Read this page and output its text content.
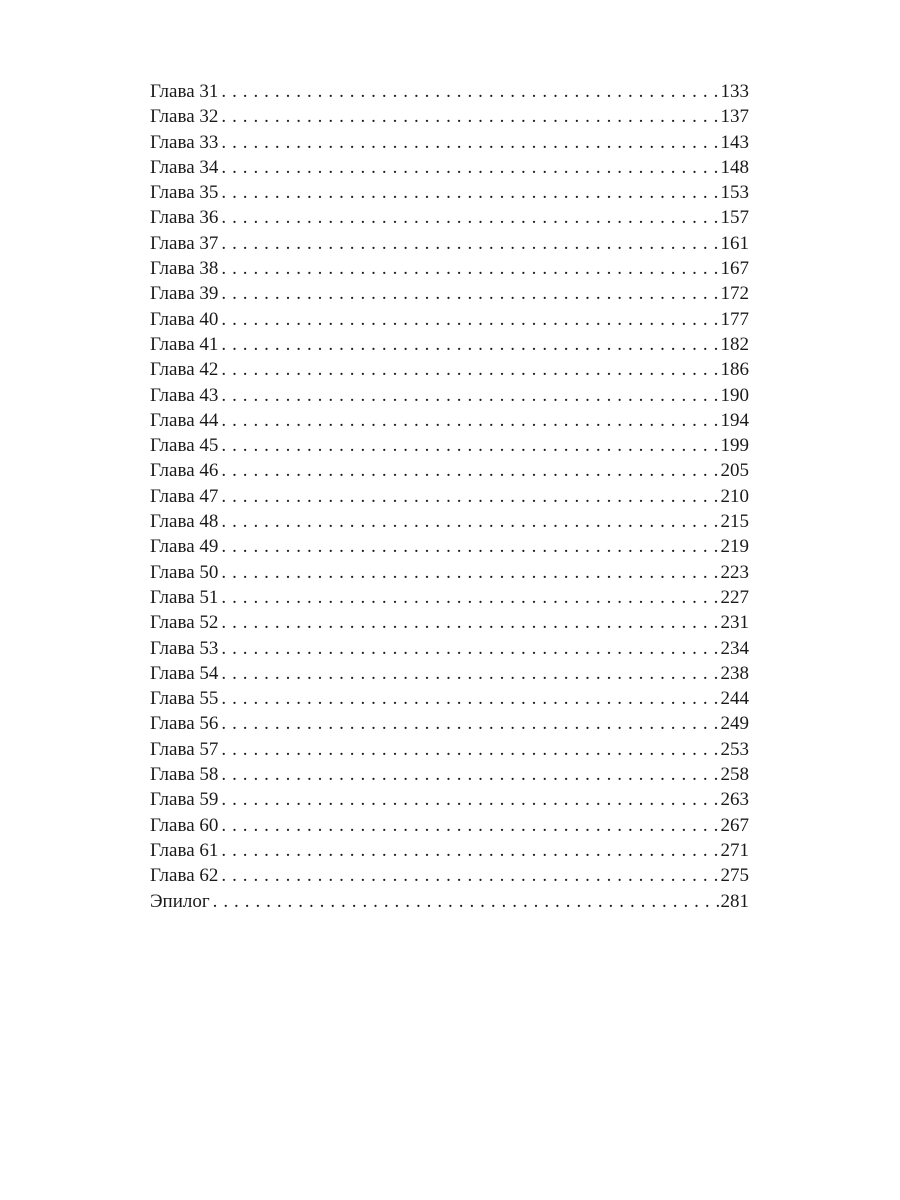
Глава 31 . . .	133
Глава 32 . . .	137
Глава 33 . . .	143
Глава 34 . . .	148
Глава 35 . . .	153
Глава 36 . . .	157
Глава 37 . . .	161
Глава 38 . . .	167
Глава 39 . . .	172
Глава 40 . . .	177
Глава 41 . . .	182
Глава 42 . . .	186
Глава 43 . . .	190
Глава 44 . . .	194
Глава 45 . . .	199
Глава 46 . . .	205
Глава 47 . . .	210
Глава 48 . . .	215
Глава 49 . . .	219
Глава 50 . . .	223
Глава 51 . . .	227
Глава 52 . . .	231
Глава 53 . . .	234
Глава 54 . . .	238
Глава 55 . . .	244
Глава 56 . . .	249
Глава 57 . . .	253
Глава 58 . . .	258
Глава 59 . . .	263
Глава 60 . . .	267
Глава 61 . . .	271
Глава 62 . . .	275
Эпилог . . .	281
